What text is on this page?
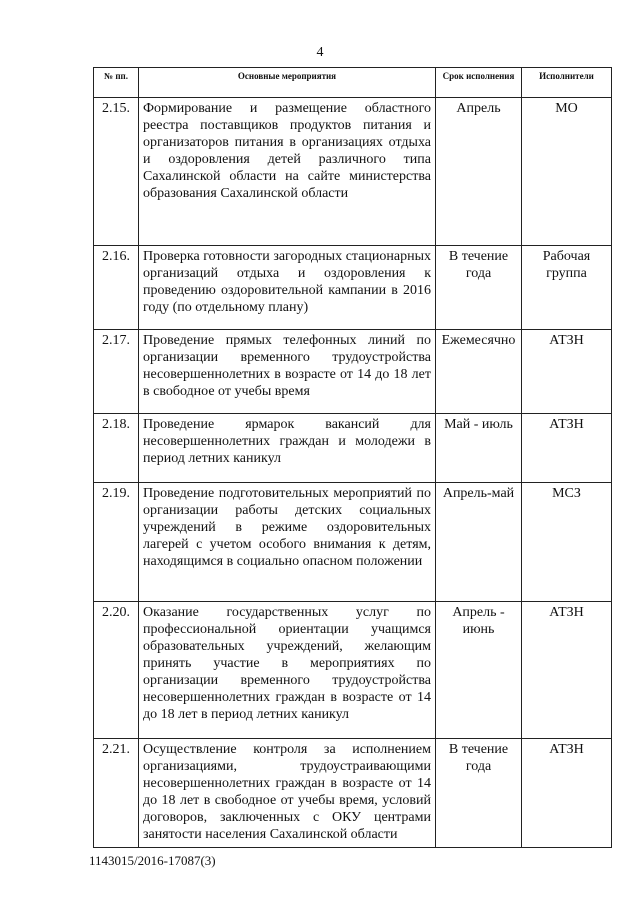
4
№ пп.	Основные мероприятия	Срок исполнения	Исполнители
2.15.	Формирование и размещение областного реестра поставщиков продуктов питания и организаторов питания в организациях отдыха и оздоровления детей различного типа Сахалинской области на сайте министерства образования Сахалинской области	Апрель	МО
2.16.	Проверка готовности загородных стационарных организаций отдыха и оздоровления к проведению оздоровительной кампании в 2016 году (по отдельному плану)	В течение года	Рабочая группа
2.17.	Проведение прямых телефонных линий по организации временного трудоустройства несовершеннолетних в возрасте от 14 до 18 лет в свободное от учебы время	Ежемесячно	АТЗН
2.18.	Проведение ярмарок вакансий для несовершеннолетних граждан и молодежи в период летних каникул	Май - июль	АТЗН
2.19.	Проведение подготовительных мероприятий по организации работы детских социальных учреждений в режиме оздоровительных лагерей с учетом особого внимания к детям, находящимся в социально опасном положении	Апрель-май	МСЗ
2.20.	Оказание государственных услуг по профессиональной ориентации учащимся образовательных учреждений, желающим принять участие в мероприятиях по организации временного трудоустройства несовершеннолетних граждан в возрасте от 14 до 18 лет в период летних каникул	Апрель - июнь	АТЗН
2.21.	Осуществление контроля за исполнением организациями, трудоустраивающими несовершеннолетних граждан в возрасте от 14 до 18 лет в свободное от учебы время, условий договоров, заключенных с ОКУ центрами занятости населения Сахалинской области	В течение года	АТЗН
1143015/2016-17087(3)
